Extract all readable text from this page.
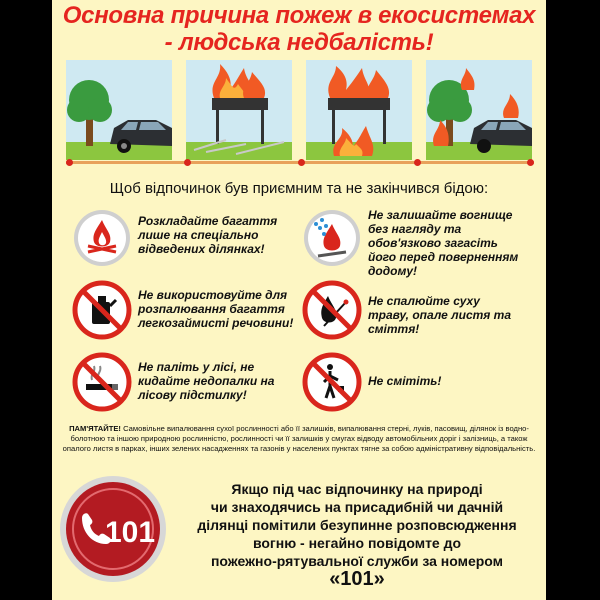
Основна причина пожеж в екосистемах
- людська недбалість!
Щоб відпочинок був приємним та не закінчився бідою:
Розкладайте багаття лише на спеціально відведених ділянках!
Не залишайте вогнище без нагляду та обов'язково загасіть його перед поверненням додому!
Не використовуйте для розпалювання багаття легкозаймисті речовини!
Не спалюйте суху траву, опале листя та сміття!
Не паліть у лісі, не кидайте недопалки на лісову підстилку!
Не смітіть!
ПАМ'ЯТАЙТЕ! Самовільне випалювання сухої рослинності або її залишків, випалювання стерні, луків, пасовищ, ділянок із водно-болотною та іншою природною рослинністю, рослинності чи її залишків у смугах відводу автомобільних доріг і залізниць, а також опалого листя в парках, інших зелених насадженнях та газонів у населених пунктах тягне за собою адміністративну відповідальність.
101
Якщо під час відпочинку на природі
чи знаходячись на присадибній чи дачній
ділянці помітили безупинне розповсюдження
вогню - негайно повідомте до
пожежно-рятувальної служби за номером
«101»
